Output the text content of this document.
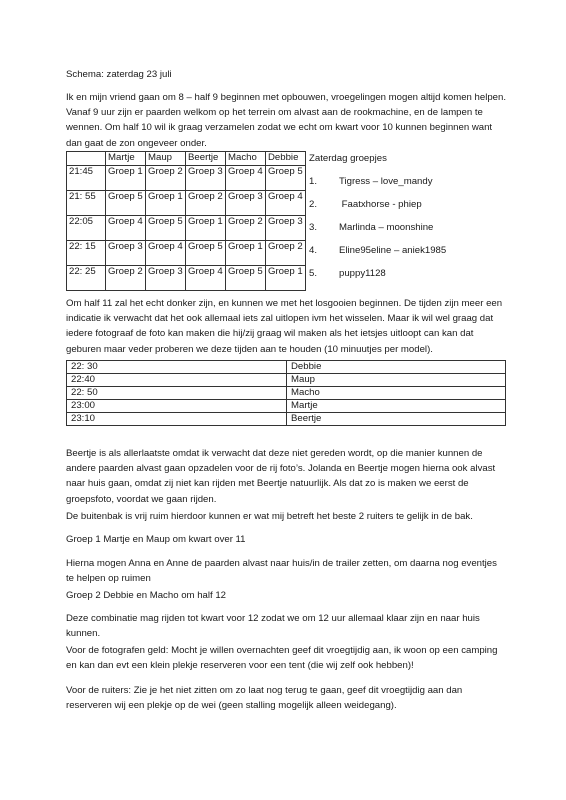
Schema: zaterdag 23 juli

Ik en mijn vriend gaan om 8 – half 9 beginnen met opbouwen, vroegelingen mogen altijd komen helpen. Vanaf 9 uur zijn er paarden welkom op het terrein om alvast aan de rookmachine, en de lampen te wennen. Om half 10 wil ik graag verzamelen zodat we echt om kwart voor 10 kunnen beginnen want dan gaat de zon ongeveer onder.

	Martje	Maup	Beertje	Macho	Debbie
21:45	Groep 1	Groep 2	Groep 3	Groep 4	Groep 5
21: 55	Groep 5	Groep 1	Groep 2	Groep 3	Groep 4
22:05	Groep 4	Groep 5	Groep 1	Groep 2	Groep 3
22: 15	Groep 3	Groep 4	Groep 5	Groep 1	Groep 2
22: 25	Groep 2	Groep 3	Groep 4	Groep 5	Groep 1
Zaterdag groepjes
1.	Tigress – love_mandy
2.	Faatxhorse - phiep
3.	Marlinda – moonshine
4.	Eline95eline – aniek1985
5.	puppy1128

Om half 11 zal het echt donker zijn, en kunnen we met het losgooien beginnen. De tijden zijn meer een indicatie ik verwacht dat het ook allemaal iets zal uitlopen ivm het wisselen. Maar ik wil wel graag dat iedere fotograaf de foto kan maken die hij/zij graag wil maken als het ietsjes uitloopt can kan dat geburen maar veder proberen we deze tijden aan te houden (10 minuutjes per model).

22: 30	Debbie
22:40	Maup
22: 50	Macho
23:00	Martje
23:10	Beertje

Beertje is als allerlaatste omdat ik verwacht dat deze niet gereden wordt, op die manier kunnen de andere paarden alvast gaan opzadelen voor de rij foto’s. Jolanda en Beertje mogen hierna ook alvast naar huis gaan, omdat zij niet kan rijden met Beertje natuurlijk. Als dat zo is maken we eerst de groepsfoto, voordat we gaan rijden.

De buitenbak is vrij ruim hierdoor kunnen er wat mij betreft het beste 2 ruiters te gelijk in de bak.

Groep 1 Martje en Maup om kwart over 11

Hierna mogen Anna en Anne de paarden alvast naar huis/in de trailer zetten, om daarna nog eventjes te helpen op ruimen

Groep 2 Debbie en Macho om half 12

Deze combinatie mag rijden tot kwart voor 12 zodat we om 12 uur allemaal klaar zijn en naar huis kunnen.

Voor de fotografen geld: Mocht je willen overnachten geef dit vroegtijdig aan, ik woon op een camping en kan dan evt een klein plekje reserveren voor een tent (die wij zelf ook hebben)!

Voor de ruiters: Zie je het niet zitten om zo laat nog terug te gaan, geef dit vroegtijdig aan dan reserveren wij een plekje op de wei (geen stalling mogelijk alleen weidegang).
